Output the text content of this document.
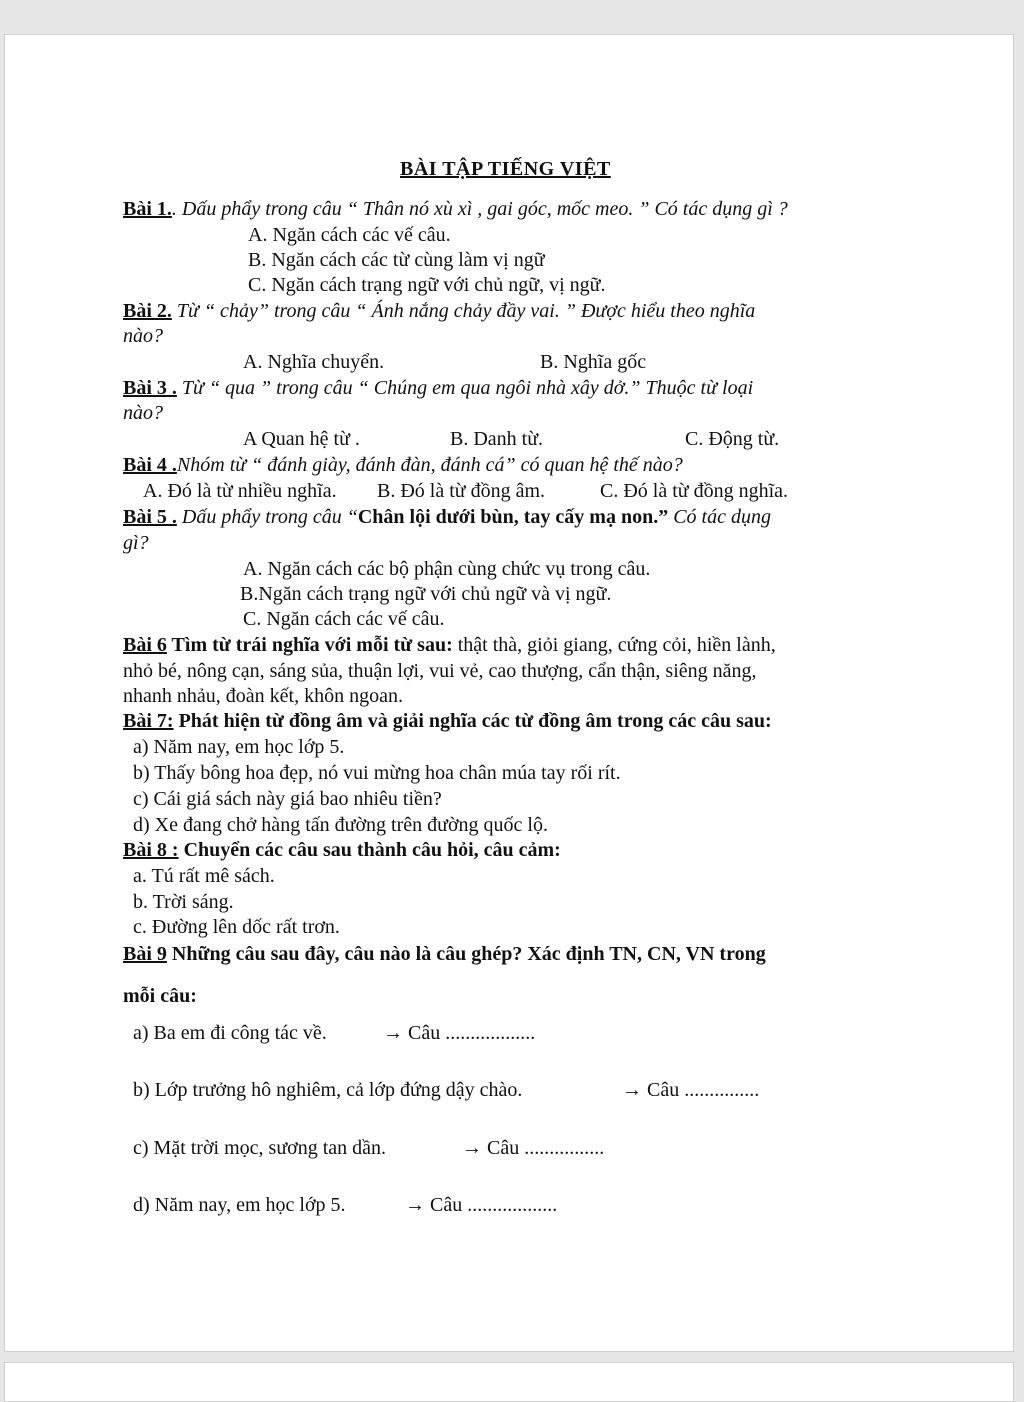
BÀI TẬP TIẾNG VIỆT
Bài 1.. Dấu phẩy trong câu “ Thân nó xù xì , gai góc, mốc meo. ” Có tác dụng gì ?
A. Ngăn cách các vế câu.
B. Ngăn cách các từ cùng làm vị ngữ
C. Ngăn cách trạng ngữ với chủ ngữ, vị ngữ.
Bài 2. Từ “ chảy” trong câu “ Ánh nắng chảy đầy vai. ” Được hiểu theo nghĩa
nào?
A. Nghĩa chuyển.	B. Nghĩa gốc
Bài 3 . Từ “ qua ” trong câu “ Chúng em qua ngôi nhà xây dở.” Thuộc từ loại
nào?
A Quan hệ từ .	B. Danh từ.	C. Động từ.
Bài 4 .Nhóm từ “ đánh giày, đánh đàn, đánh cá” có quan hệ thế nào?
A. Đó là từ nhiều nghĩa. B. Đó là từ đồng âm.	C. Đó là từ đồng nghĩa.
Bài 5 . Dấu phẩy trong câu “Chân lội dưới bùn, tay cấy mạ non.” Có tác dụng
gì?
A. Ngăn cách các bộ phận cùng chức vụ trong câu.
B.Ngăn cách trạng ngữ với chủ ngữ và vị ngữ.
C. Ngăn cách các vế câu.
Bài 6 Tìm từ trái nghĩa với mỗi từ sau: thật thà, giỏi giang, cứng cỏi, hiền lành,
nhỏ bé, nông cạn, sáng sủa, thuận lợi, vui vẻ, cao thượng, cẩn thận, siêng năng,
nhanh nhảu, đoàn kết, khôn ngoan.
Bài 7: Phát hiện từ đồng âm và giải nghĩa các từ đồng âm trong các câu sau:
a) Năm nay, em học lớp 5.
b) Thấy bông hoa đẹp, nó vui mừng hoa chân múa tay rối rít.
c) Cái giá sách này giá bao nhiêu tiền?
d) Xe đang chở hàng tấn đường trên đường quốc lộ.
Bài 8 : Chuyển các câu sau thành câu hỏi, câu cảm:
a. Tú rất mê sách.
b. Trời sáng.
c. Đường lên dốc rất trơn.
Bài 9 Những câu sau đây, câu nào là câu ghép? Xác định TN, CN, VN trong
mỗi câu:
a) Ba em đi công tác về.	→ Câu ..................
b) Lớp trưởng hô nghiêm, cả lớp đứng dậy chào.	→ Câu ...............
c) Mặt trời mọc, sương tan dần.	→ Câu ................
d) Năm nay, em học lớp 5.	→ Câu ..................
